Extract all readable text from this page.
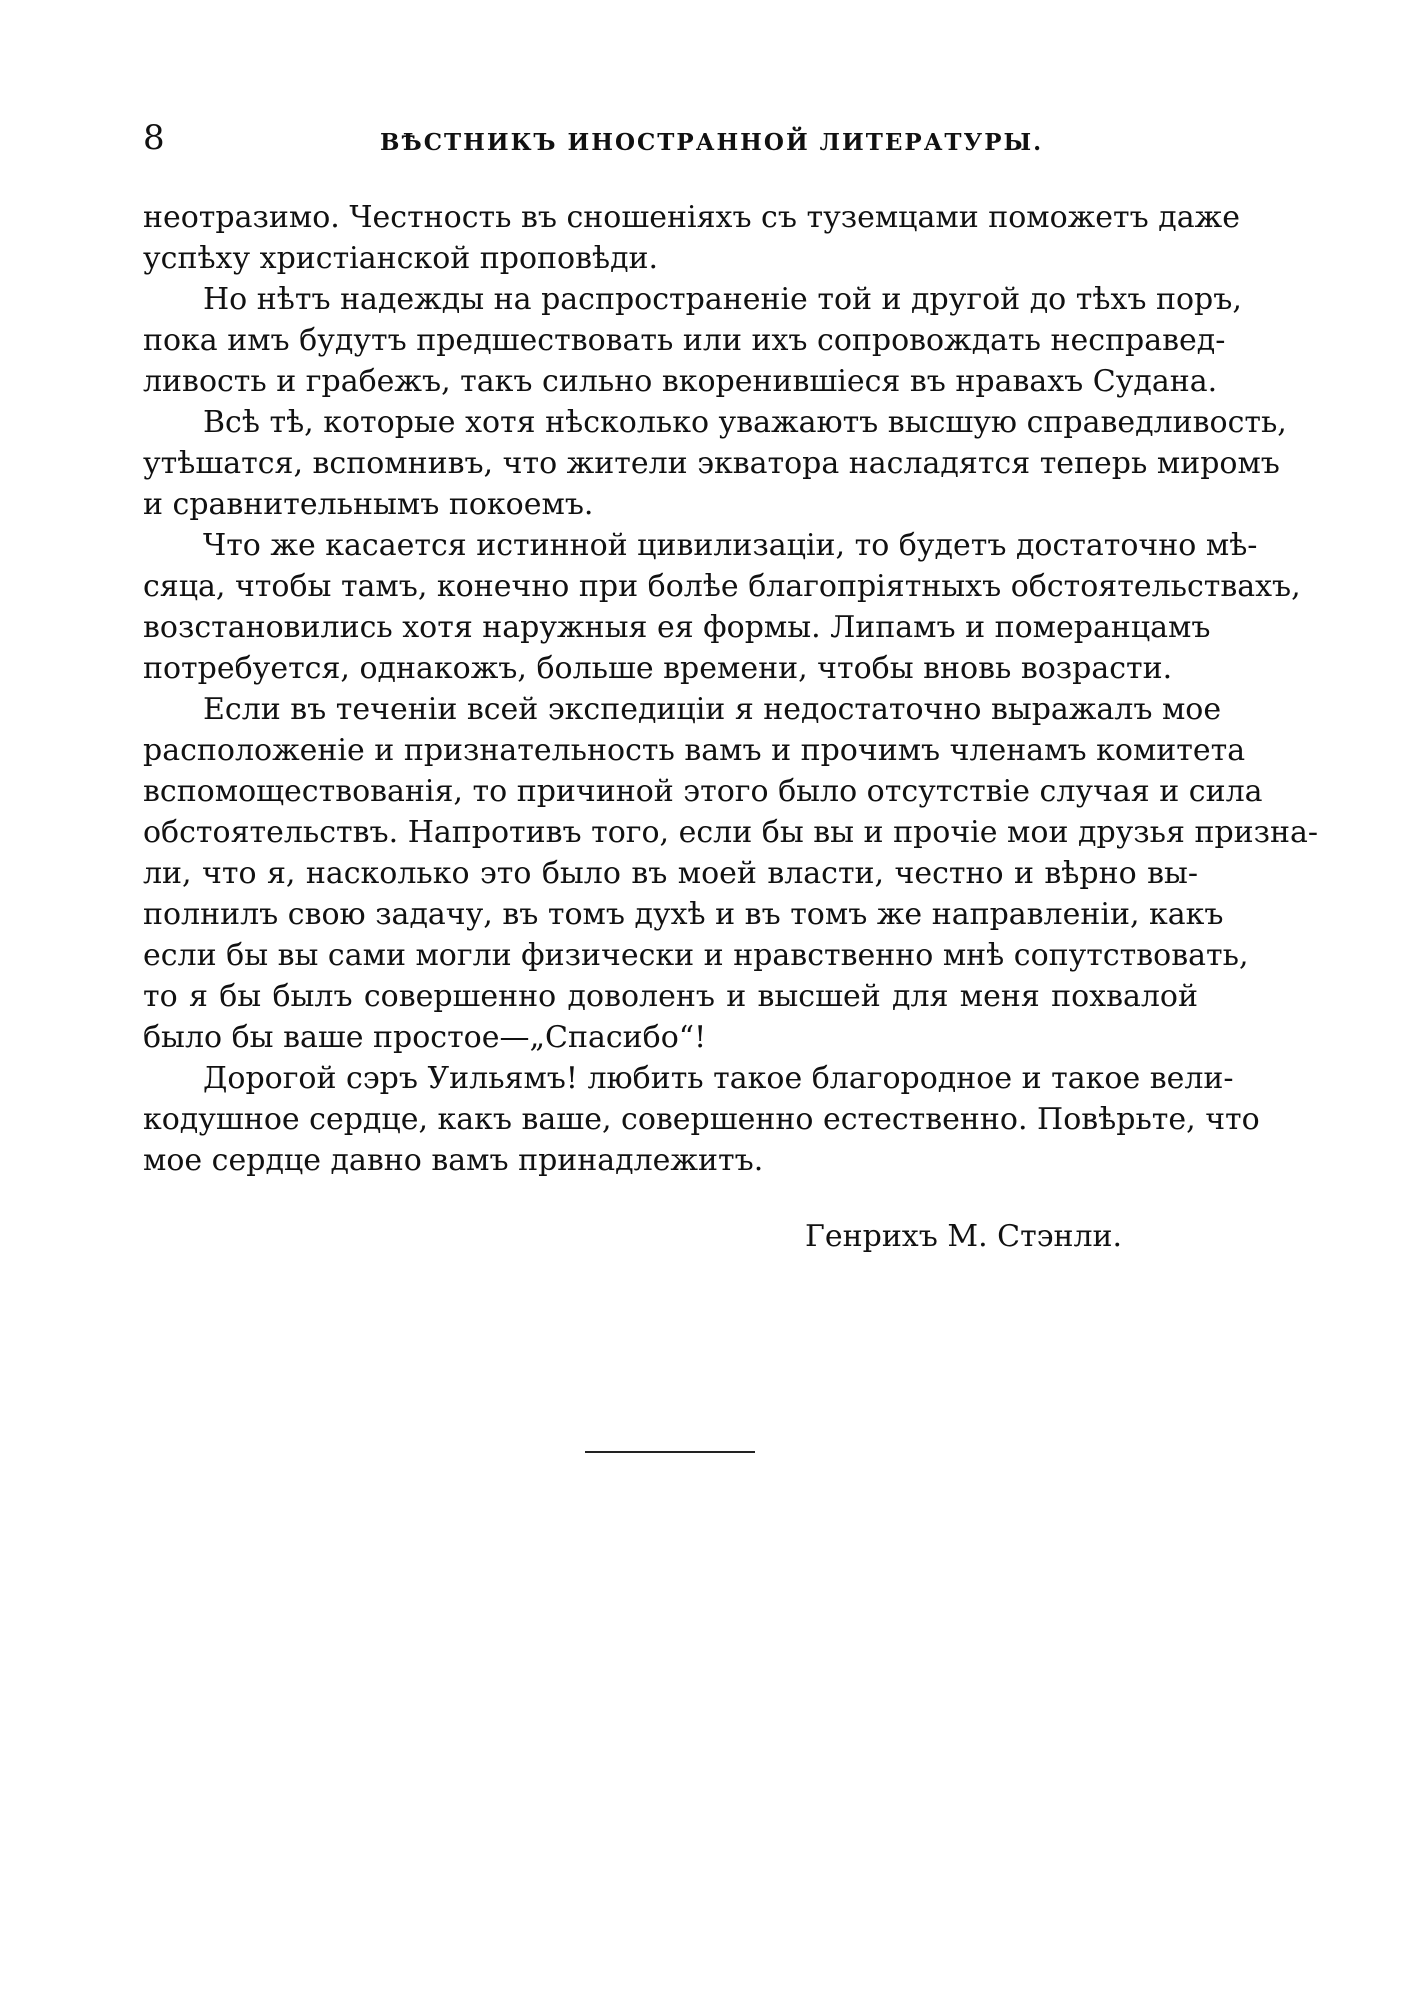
8	ВѢСТНИКЪ ИНОСТРАННОЙ ЛИТЕРАТУРЫ.
неотразимо. Честность въ сношеніяхъ съ туземцами поможетъ даже
успѣху христіанской проповѣди.
Но нѣтъ надежды на распространеніе той и другой до тѣхъ поръ,
пока имъ будутъ предшествовать или ихъ сопровождать несправед-
ливость и грабежъ, такъ сильно вкоренившіеся въ нравахъ Судана.
Всѣ тѣ, которые хотя нѣсколько уважаютъ высшую справедливость,
утѣшатся, вспомнивъ, что жители экватора насладятся теперь миромъ
и сравнительнымъ покоемъ.
Что же касается истинной цивилизаціи, то будетъ достаточно мѣ-
сяца, чтобы тамъ, конечно при болѣе благопріятныхъ обстоятельствахъ,
возстановились хотя наружныя ея формы. Липамъ и померанцамъ
потребуется, однакожъ, больше времени, чтобы вновь возрасти.
Если въ теченіи всей экспедиціи я недостаточно выражалъ мое
расположеніе и признательность вамъ и прочимъ членамъ комитета
вспомоществованія, то причиной этого было отсутствіе случая и сила
обстоятельствъ. Напротивъ того, если бы вы и прочіе мои друзья призна-
ли, что я, насколько это было въ моей власти, честно и вѣрно вы-
полнилъ свою задачу, въ томъ духѣ и въ томъ же направленіи, какъ
если бы вы сами могли физически и нравственно мнѣ сопутствовать,
то я бы былъ совершенно доволенъ и высшей для меня похвалой
было бы ваше простое—„Спасибо“!
Дорогой сэръ Уильямъ! любить такое благородное и такое вели-
кодушное сердце, какъ ваше, совершенно естественно. Повѣрьте, что
мое сердце давно вамъ принадлежитъ.
Генрихъ М. Стэнли.
